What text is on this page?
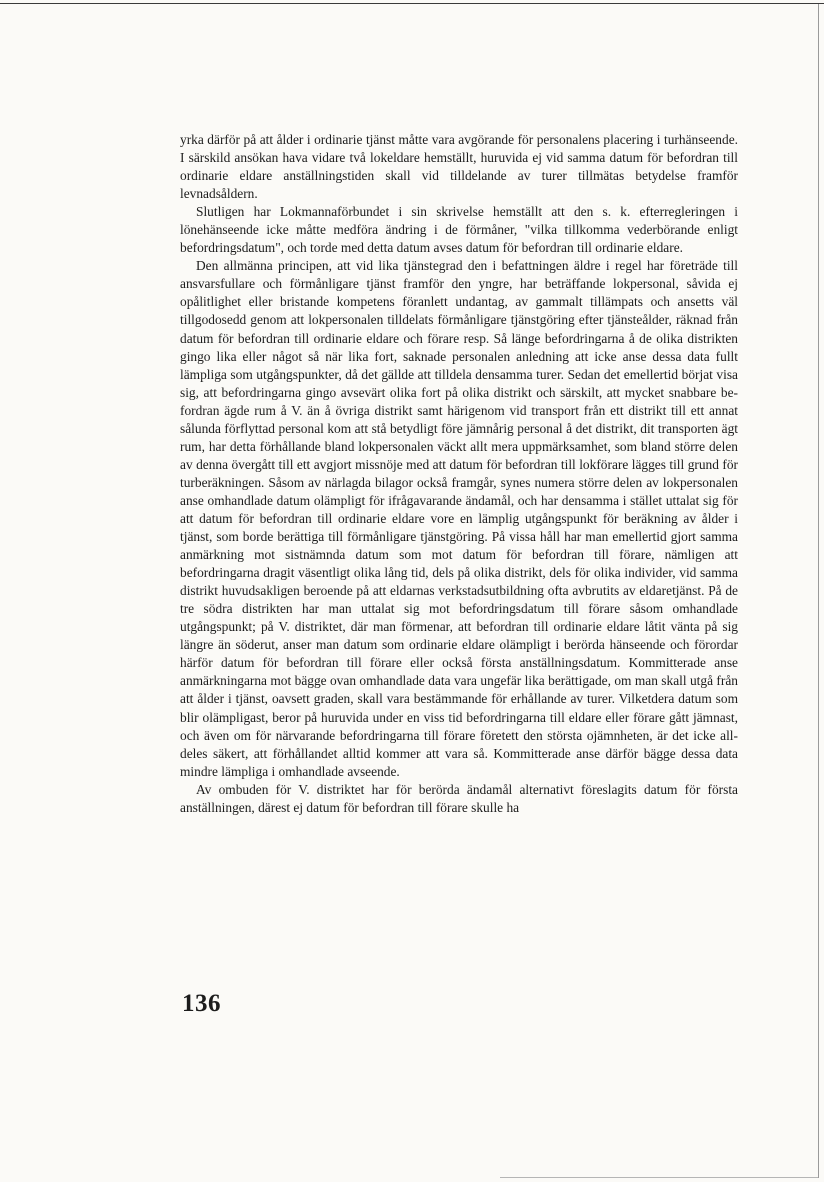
yrka därför på att ålder i ordinarie tjänst måtte vara avgörande för personalens placering i turhänseende. I särskild ansökan hava vidare två lokeldare hemställt, huruvida ej vid samma datum för befordran till ordinarie eldare anställningstiden skall vid tilldelande av turer tillmätas betydelse framför levnadsåldern.

Slutligen har Lokmannaförbundet i sin skrivelse hemställt att den s. k. efterregleringen i lönehänseende icke måtte medföra ändring i de förmåner, "vilka tillkomma vederbörande enligt befordringsdatum", och torde med detta datum avses datum för befordran till ordinarie eldare.

Den allmänna principen, att vid lika tjänstegrad den i befattningen äldre i regel har företräde till ansvarsfullare och förmånligare tjänst framför den yngre, har beträffande lokpersonal, såvida ej opålitlighet eller bristande kompetens föranlett undantag, av gammalt tillämpats och ansetts väl tillgodosedd genom att lokpersonalen tilldelats förmånligare tjänstgöring efter tjänsteålder, räknad från datum för befordran till ordinarie eldare och förare resp. Så länge befordringarna å de olika distrikten gingo lika eller något så när lika fort, saknade personalen anledning att icke anse dessa data fullt lämpliga som utgångspunkter, då det gällde att tilldela densamma turer. Sedan det emellertid börjat visa sig, att befordringarna gingo avsevärt olika fort på olika distrikt och särskilt, att mycket snabbare befordran ägde rum å V. än å övriga distrikt samt härigenom vid transport från ett distrikt till ett annat sålunda förflyttad personal kom att stå betydligt före jämnårig personal å det distrikt, dit transporten ägt rum, har detta förhållande bland lokpersonalen väckt allt mera uppmärksamhet, som bland större delen av denna övergått till ett avgjort missnöje med att datum för befordran till lokförare lägges till grund för turberäkningen. Såsom av närlagda bilagor också framgår, synes numera större delen av lokpersonalen anse omhandlade datum olämpligt för ifrågavarande ändamål, och har densamma i stället uttalat sig för att datum för befordran till ordinarie eldare vore en lämplig utgångspunkt för beräkning av ålder i tjänst, som borde berättiga till förmånligare tjänstgöring. På vissa håll har man emellertid gjort samma anmärkning mot sistnämnda datum som mot datum för befordran till förare, nämligen att befordringarna dragit väsentligt olika lång tid, dels på olika distrikt, dels för olika individer, vid samma distrikt huvudsakligen beroende på att eldarnas verkstadsutbildning ofta avbrutits av eldaretjänst. På de tre södra distrikten har man uttalat sig mot befordringsdatum till förare såsom omhandlade utgångspunkt; på V. distriktet, där man förmenar, att befordran till ordinarie eldare låtit vänta på sig längre än söderut, anser man datum som ordinarie eldare olämpligt i berörda hänseende och förordar härför datum för befordran till förare eller också första anställningsdatum. Kommitterade anse anmärkningarna mot bägge ovan omhandlade data vara ungefär lika berättigade, om man skall utgå från att ålder i tjänst, oavsett graden, skall vara bestämmande för erhållande av turer. Vilketdera datum som blir olämpligast, beror på huruvida under en viss tid befordringarna till eldare eller förare gått jämnast, och även om för närvarande befordringarna till förare företett den största ojämnheten, är det icke alldeles säkert, att förhållandet alltid kommer att vara så. Kommitterade anse därför bägge dessa data mindre lämpliga i omhandlade avseende.

Av ombuden för V. distriktet har för berörda ändamål alternativt föreslagits datum för första anställningen, därest ej datum för befordran till förare skulle ha

136
